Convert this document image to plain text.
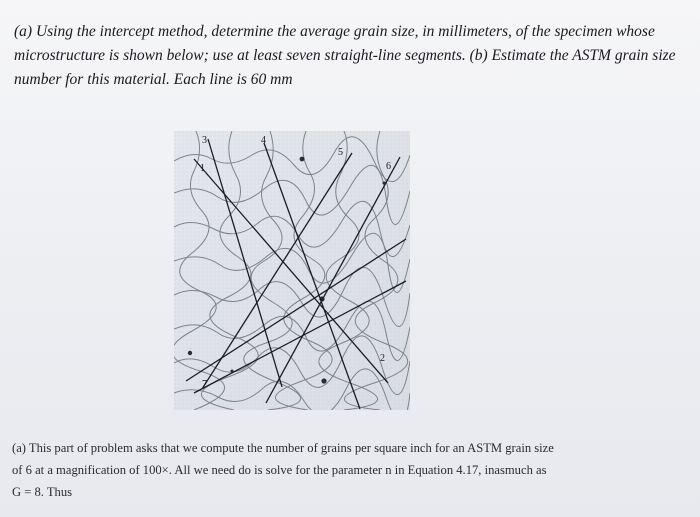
(a) Using the intercept method, determine the average grain size, in millimeters, of the specimen whose
microstructure is shown below; use at least seven straight-line segments. (b) Estimate the ASTM grain size
number for this material. Each line is 60 mm
1
2
3	4
5
6
7
(a) This part of problem asks that we compute the number of grains per square inch for an ASTM grain size
of 6 at a magnification of 100×. All we need do is solve for the parameter n in Equation 4.17, inasmuch as
G = 8. Thus
